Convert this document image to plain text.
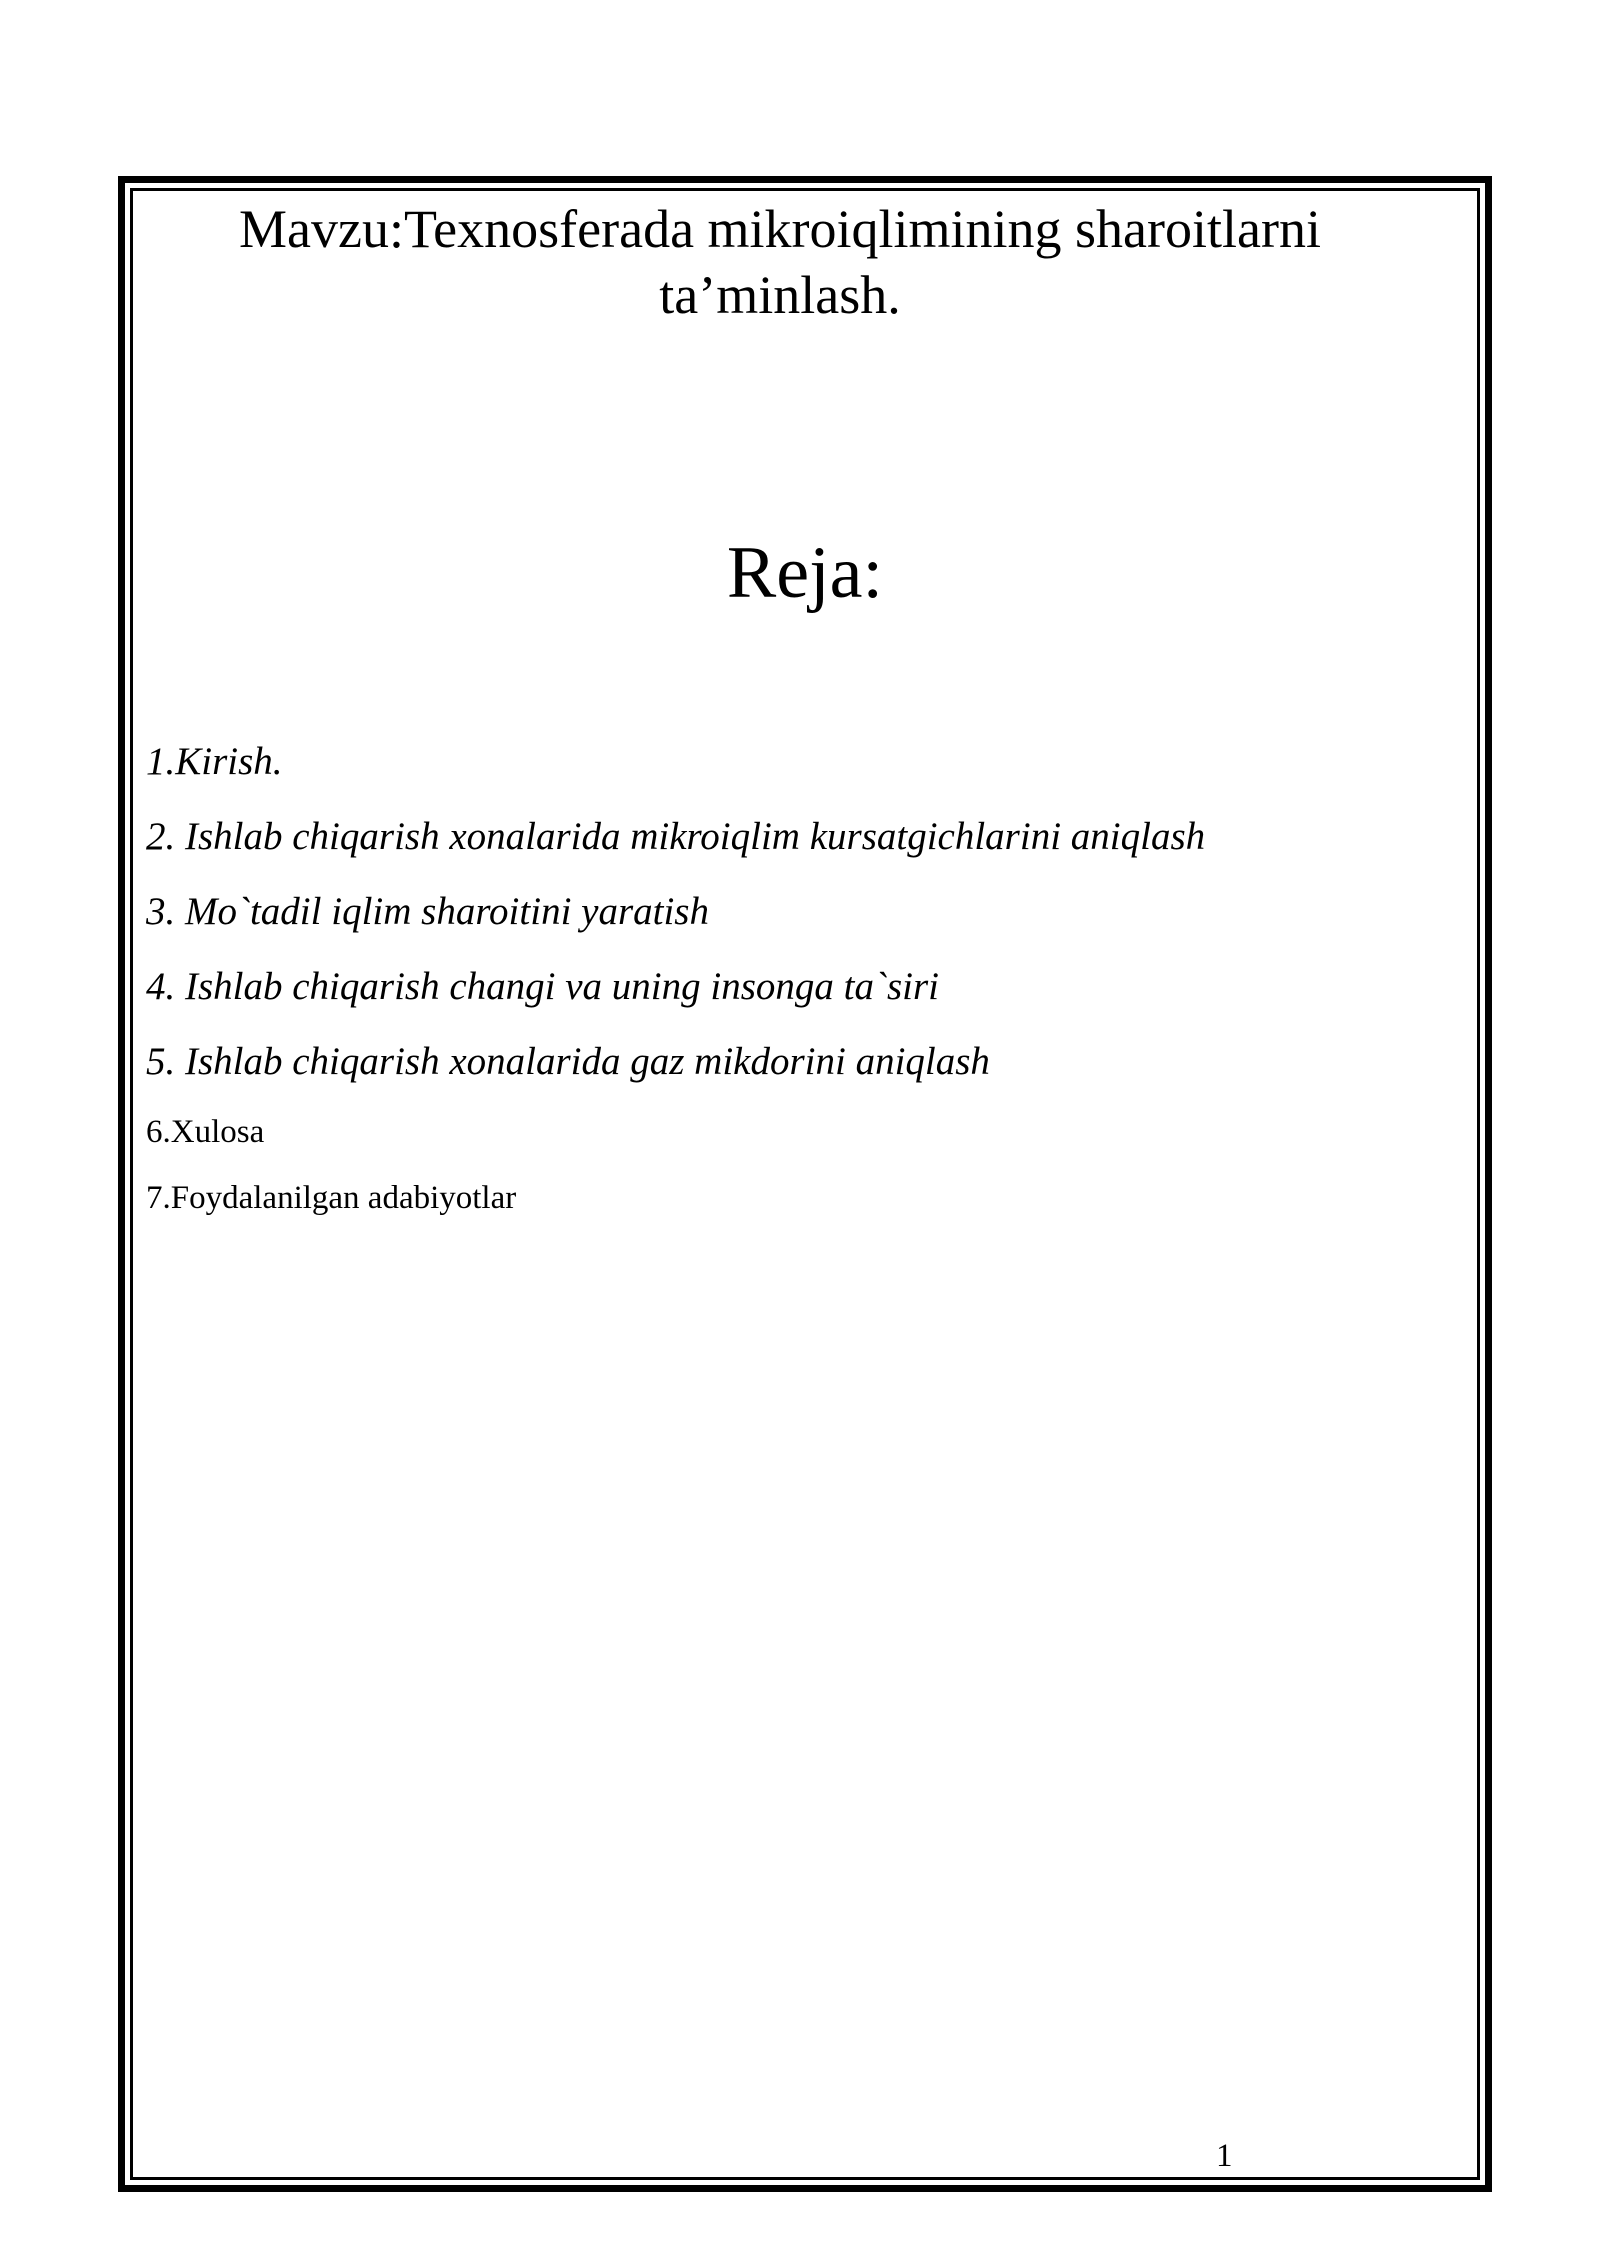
Mavzu:Texnosferada mikroiqlimining sharoitlarni ta’minlash.
Reja:
1.Kirish.
2. Ishlab chiqarish xonalarida mikroiqlim kursatgichlarini aniqlash
3. Mo`tadil iqlim sharoitini yaratish
4. Ishlab chiqarish changi va uning insonga ta`siri
5. Ishlab chiqarish xonalarida gaz mikdorini aniqlash
6.Xulosa
7.Foydalanilgan adabiyotlar
1
